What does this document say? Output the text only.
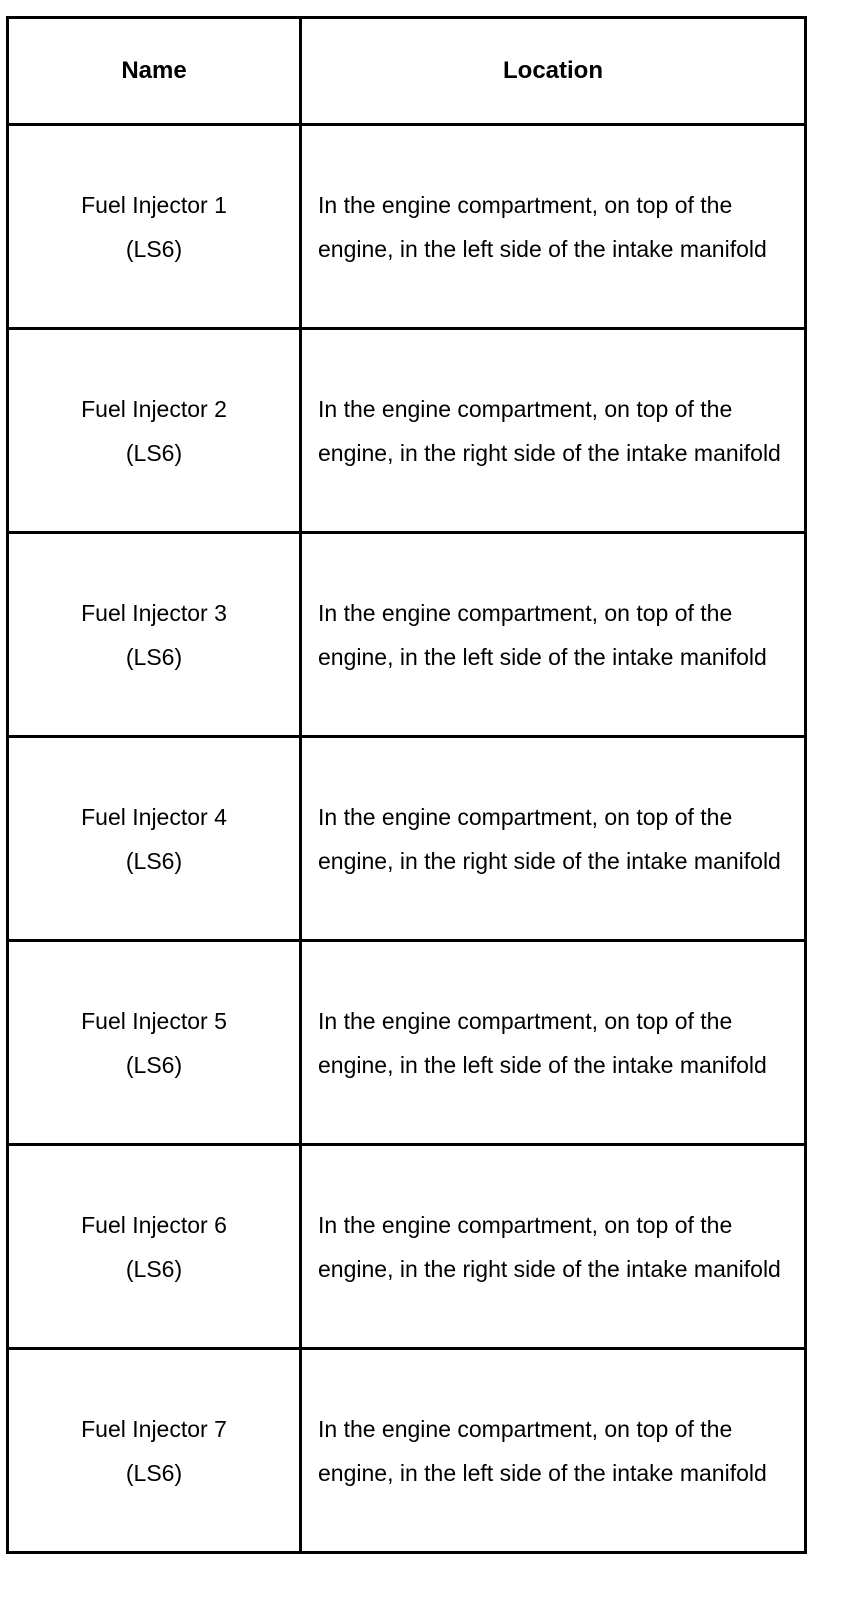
Name	Location

Fuel Injector 1
(LS6)	In the engine compartment, on top of the engine, in the left side of the intake manifold

Fuel Injector 2
(LS6)	In the engine compartment, on top of the engine, in the right side of the intake manifold

Fuel Injector 3
(LS6)	In the engine compartment, on top of the engine, in the left side of the intake manifold

Fuel Injector 4
(LS6)	In the engine compartment, on top of the engine, in the right side of the intake manifold

Fuel Injector 5
(LS6)	In the engine compartment, on top of the engine, in the left side of the intake manifold

Fuel Injector 6
(LS6)	In the engine compartment, on top of the engine, in the right side of the intake manifold

Fuel Injector 7
(LS6)	In the engine compartment, on top of the engine, in the left side of the intake manifold
